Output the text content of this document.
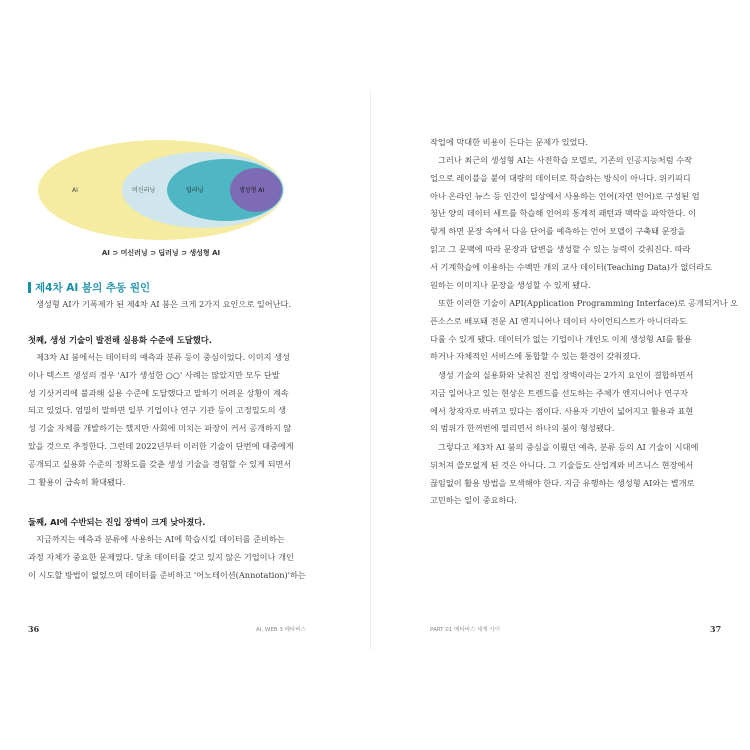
AI	머신러닝	딥러닝	생성형 AI
AI ⊃ 머신러닝 ⊃ 딥러닝 ⊃ 생성형 AI
제4차 AI 붐의 추동 원인
생성형 AI가 기폭제가 된 제4차 AI 붐은 크게 2가지 요인으로 일어난다.
첫째, 생성 기술이 발전해 실용화 수준에 도달했다.
제3차 AI 붐에서는 데이터의 예측과 분류 등이 중심이었다. 이미지 생성
이나 텍스트 생성의 경우 'AI가 생성한 ○○' 사례는 많았지만 모두 단발
성 기삿거리에 불과해 실용 수준에 도달했다고 말하기 어려운 상황이 계속
되고 있었다. 엄밀히 말하면 일부 기업이나 연구 기관 등이 고정밀도의 생
성 기술 자체를 개발하기는 했지만 사회에 미치는 파장이 커서 공개하지 않
았을 것으로 추정한다. 그런데 2022년부터 이러한 기술이 단번에 대중에게
공개되고 실용화 수준의 정확도를 갖춘 생성 기술을 경험할 수 있게 되면서
그 활용이 급속히 확대됐다.
둘째, AI에 수반되는 진입 장벽이 크게 낮아졌다.
지금까지는 예측과 분류에 사용하는 AI에 학습시킬 데이터를 준비하는
과정 자체가 중요한 문제였다. 당초 데이터를 갖고 있지 않은 기업이나 개인
이 시도할 방법이 없었으며 데이터를 준비하고 '어노테이션(Annotation)'하는
36	AI, WEB 3 메타버스
작업에 막대한 비용이 든다는 문제가 있었다.
그러나 최근의 생성형 AI는 사전학습 모델로, 기존의 인공지능처럼 수작
업으로 레이블을 붙여 대량의 데이터로 학습하는 방식이 아니다. 위키피디
아나 온라인 뉴스 등 인간이 일상에서 사용하는 언어(자연 언어)로 구성된 엄
청난 양의 데이터 세트를 학습해 언어의 통계적 패턴과 맥락을 파악한다. 이
렇게 하면 문장 속에서 다음 단어를 예측하는 언어 모델이 구축돼 문장을
읽고 그 문맥에 따라 문장과 답변을 생성할 수 있는 능력이 갖춰진다. 따라
서 기계학습에 이용하는 수백만 개의 교사 데이터(Teaching Data)가 없더라도
원하는 이미지나 문장을 생성할 수 있게 됐다.
또한 이러한 기술이 API(Application Programming Interface)로 공개되거나 오
픈소스로 배포돼 전문 AI 엔지니어나 데이터 사이언티스트가 아니더라도
다룰 수 있게 됐다. 데이터가 없는 기업이나 개인도 이제 생성형 AI를 활용
하거나 자체적인 서비스에 통합할 수 있는 환경이 갖춰졌다.
생성 기술의 실용화와 낮춰진 진입 장벽이라는 2가지 요인이 결합하면서
지금 일어나고 있는 현상은 트렌드를 선도하는 주체가 엔지니어나 연구자
에서 창작자로 바뀌고 있다는 점이다. 사용자 기반이 넓어지고 활용과 표현
의 범위가 한꺼번에 열리면서 하나의 붐이 형성됐다.
그렇다고 제3차 AI 붐의 중심을 이뤘던 예측, 분류 등의 AI 기술이 시대에
뒤처져 쓸모없게 된 것은 아니다. 그 기술들도 산업계와 비즈니스 현장에서
끊임없이 활용 방법을 모색해야 한다. 지금 유행하는 생성형 AI와는 별개로
고민하는 일이 중요하다.
PART 01 메타버스 세계 사이	37
